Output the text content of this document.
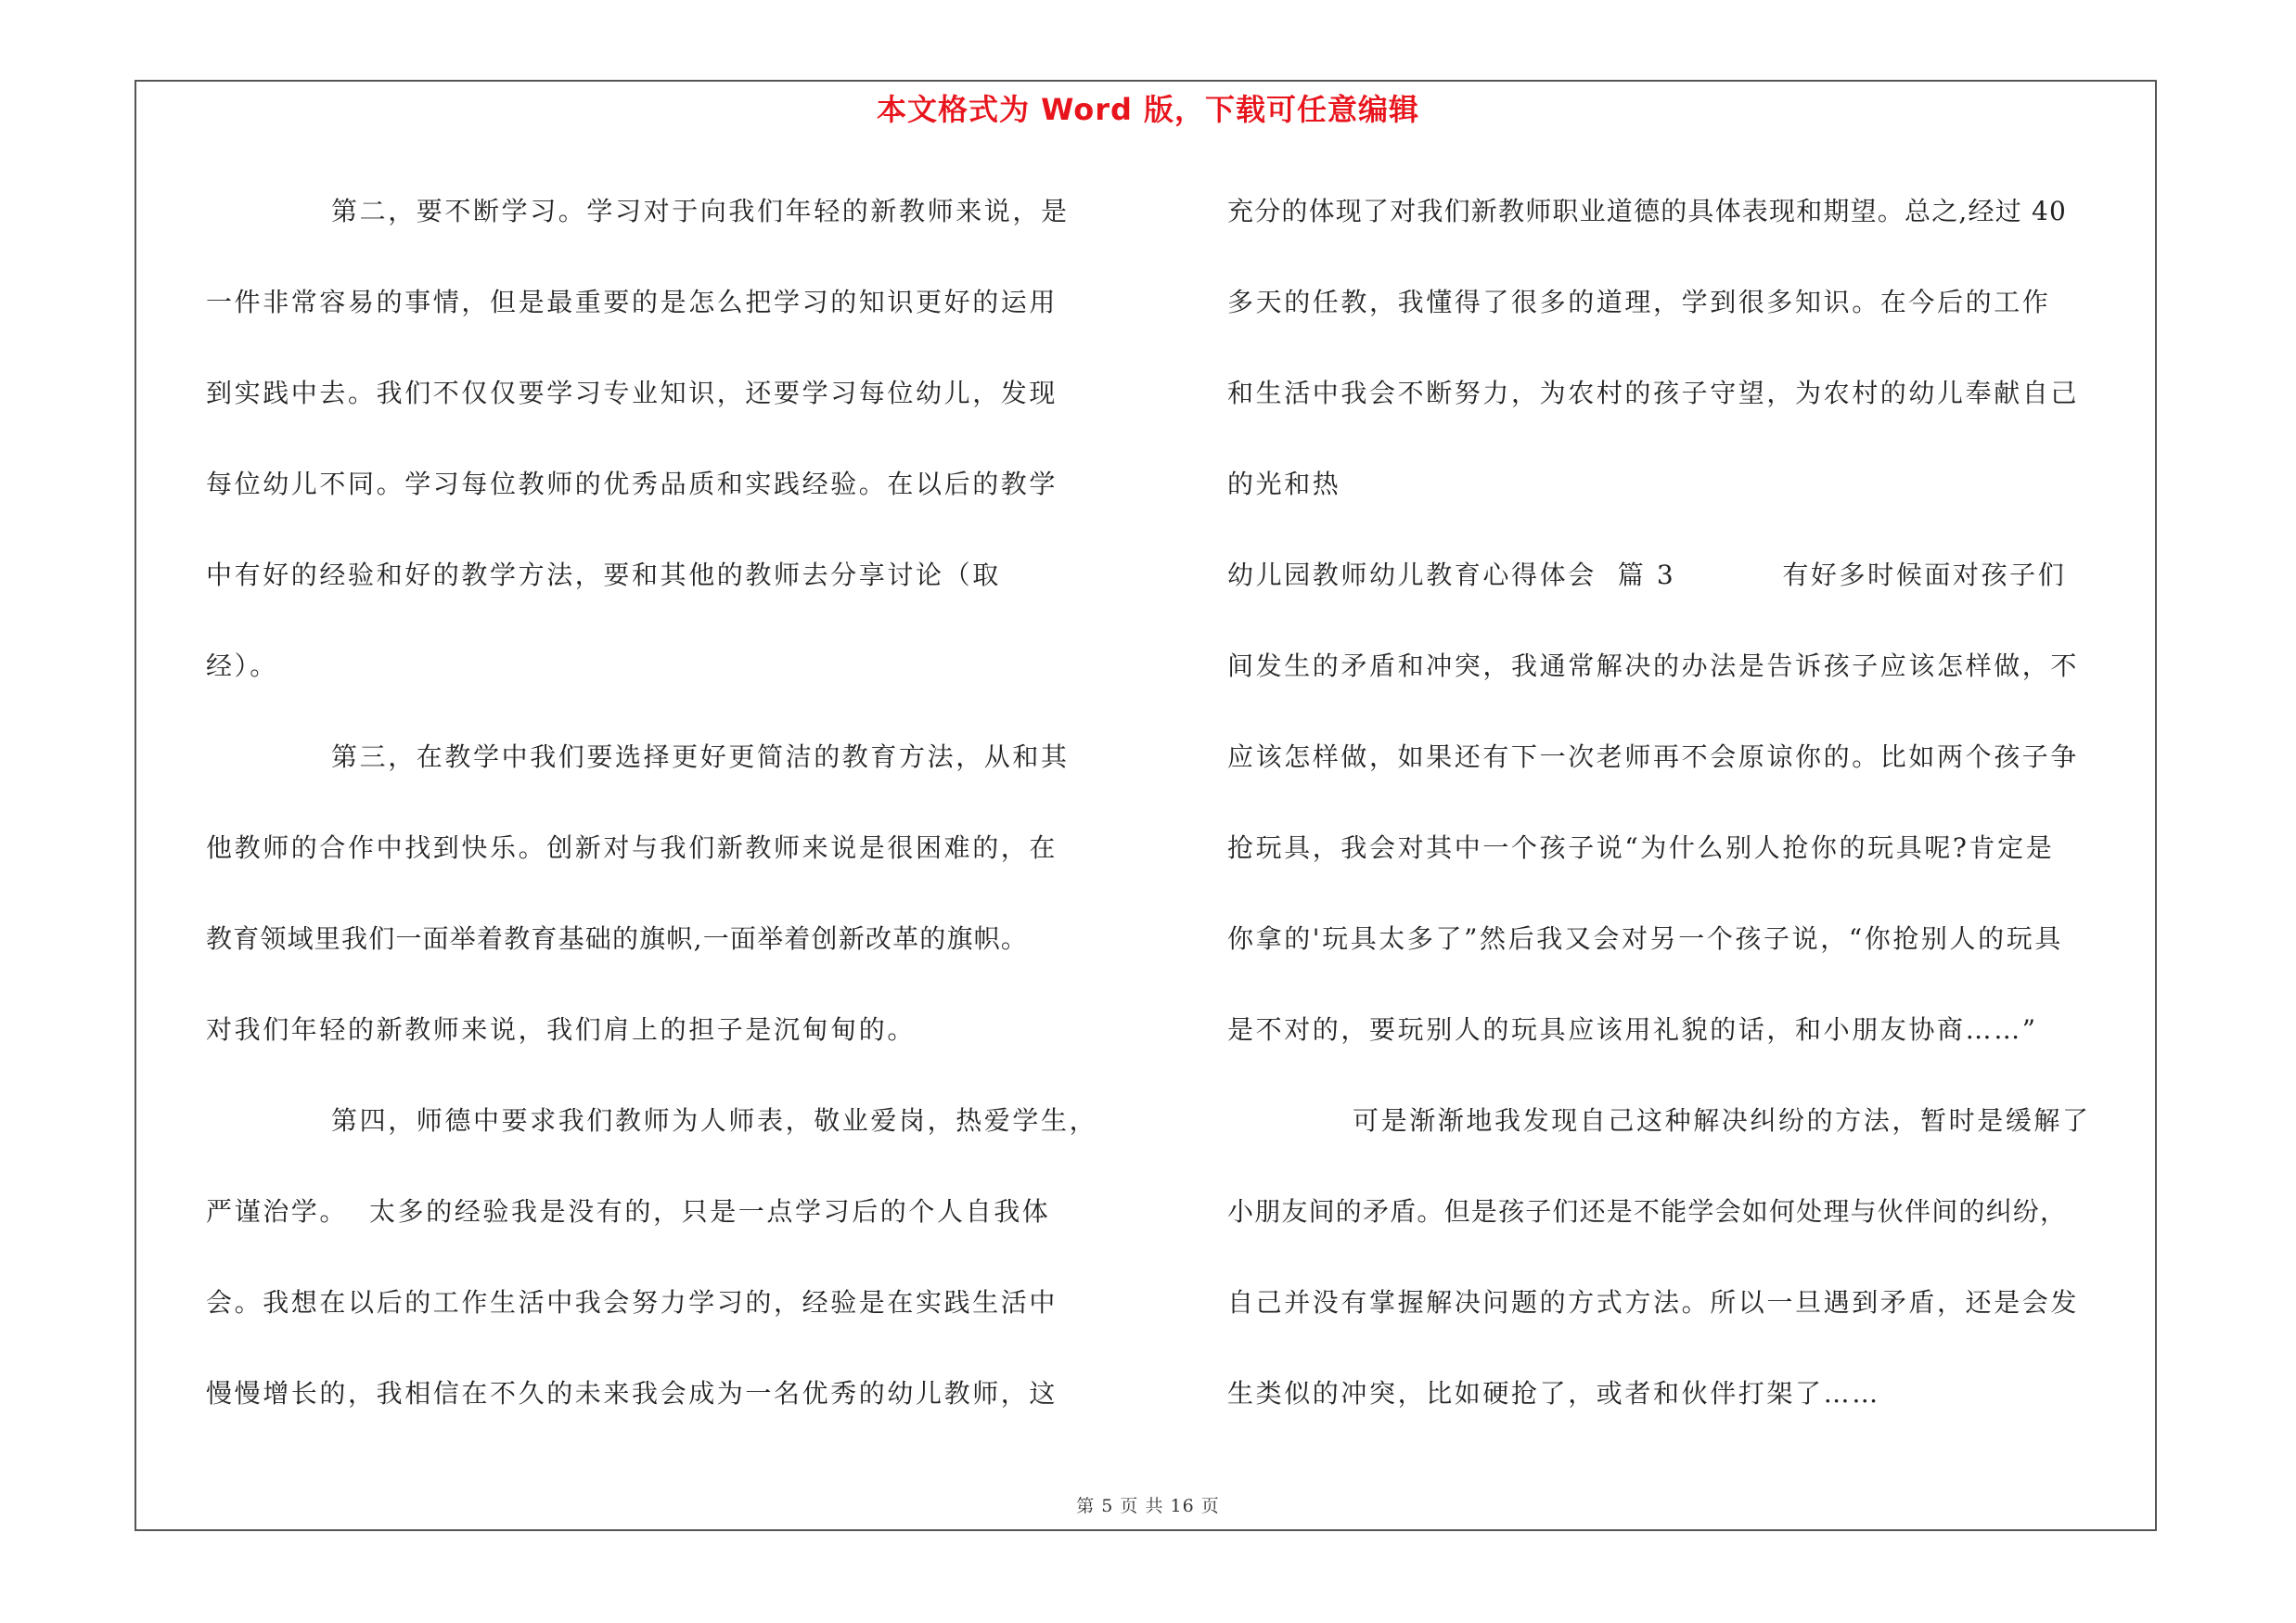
本文格式为 Word 版，下载可任意编辑
第二，要不断学习。学习对于向我们年轻的新教师来说，是
一件非常容易的事情，但是最重要的是怎么把学习的知识更好的运用
到实践中去。我们不仅仅要学习专业知识，还要学习每位幼儿，发现
每位幼儿不同。学习每位教师的优秀品质和实践经验。在以后的教学
中有好的经验和好的教学方法，要和其他的教师去分享讨论（取
经）。
第三，在教学中我们要选择更好更简洁的教育方法，从和其
他教师的合作中找到快乐。创新对与我们新教师来说是很困难的，在
教育领域里我们一面举着教育基础的旗帜,一面举着创新改革的旗帜。
对我们年轻的新教师来说，我们肩上的担子是沉甸甸的。
第四，师德中要求我们教师为人师表，敬业爱岗，热爱学生，
严谨治学。  太多的经验我是没有的，只是一点学习后的个人自我体
会。我想在以后的工作生活中我会努力学习的，经验是在实践生活中
慢慢增长的，我相信在不久的未来我会成为一名优秀的幼儿教师，这
充分的体现了对我们新教师职业道德的具体表现和期望。总之,经过 40
多天的任教，我懂得了很多的道理，学到很多知识。在今后的工作
和生活中我会不断努力，为农村的孩子守望，为农村的幼儿奉献自己
的光和热
幼儿园教师幼儿教育心得体会  篇 3          有好多时候面对孩子们
间发生的矛盾和冲突，我通常解决的办法是告诉孩子应该怎样做，不
应该怎样做，如果还有下一次老师再不会原谅你的。比如两个孩子争
抢玩具，我会对其中一个孩子说“为什么别人抢你的玩具呢?肯定是
你拿的'玩具太多了”然后我又会对另一个孩子说，“你抢别人的玩具
是不对的，要玩别人的玩具应该用礼貌的话，和小朋友协商……”
可是渐渐地我发现自己这种解决纠纷的方法，暂时是缓解了
小朋友间的矛盾。但是孩子们还是不能学会如何处理与伙伴间的纠纷，
自己并没有掌握解决问题的方式方法。所以一旦遇到矛盾，还是会发
生类似的冲突，比如硬抢了，或者和伙伴打架了……
第 5 页 共 16 页
